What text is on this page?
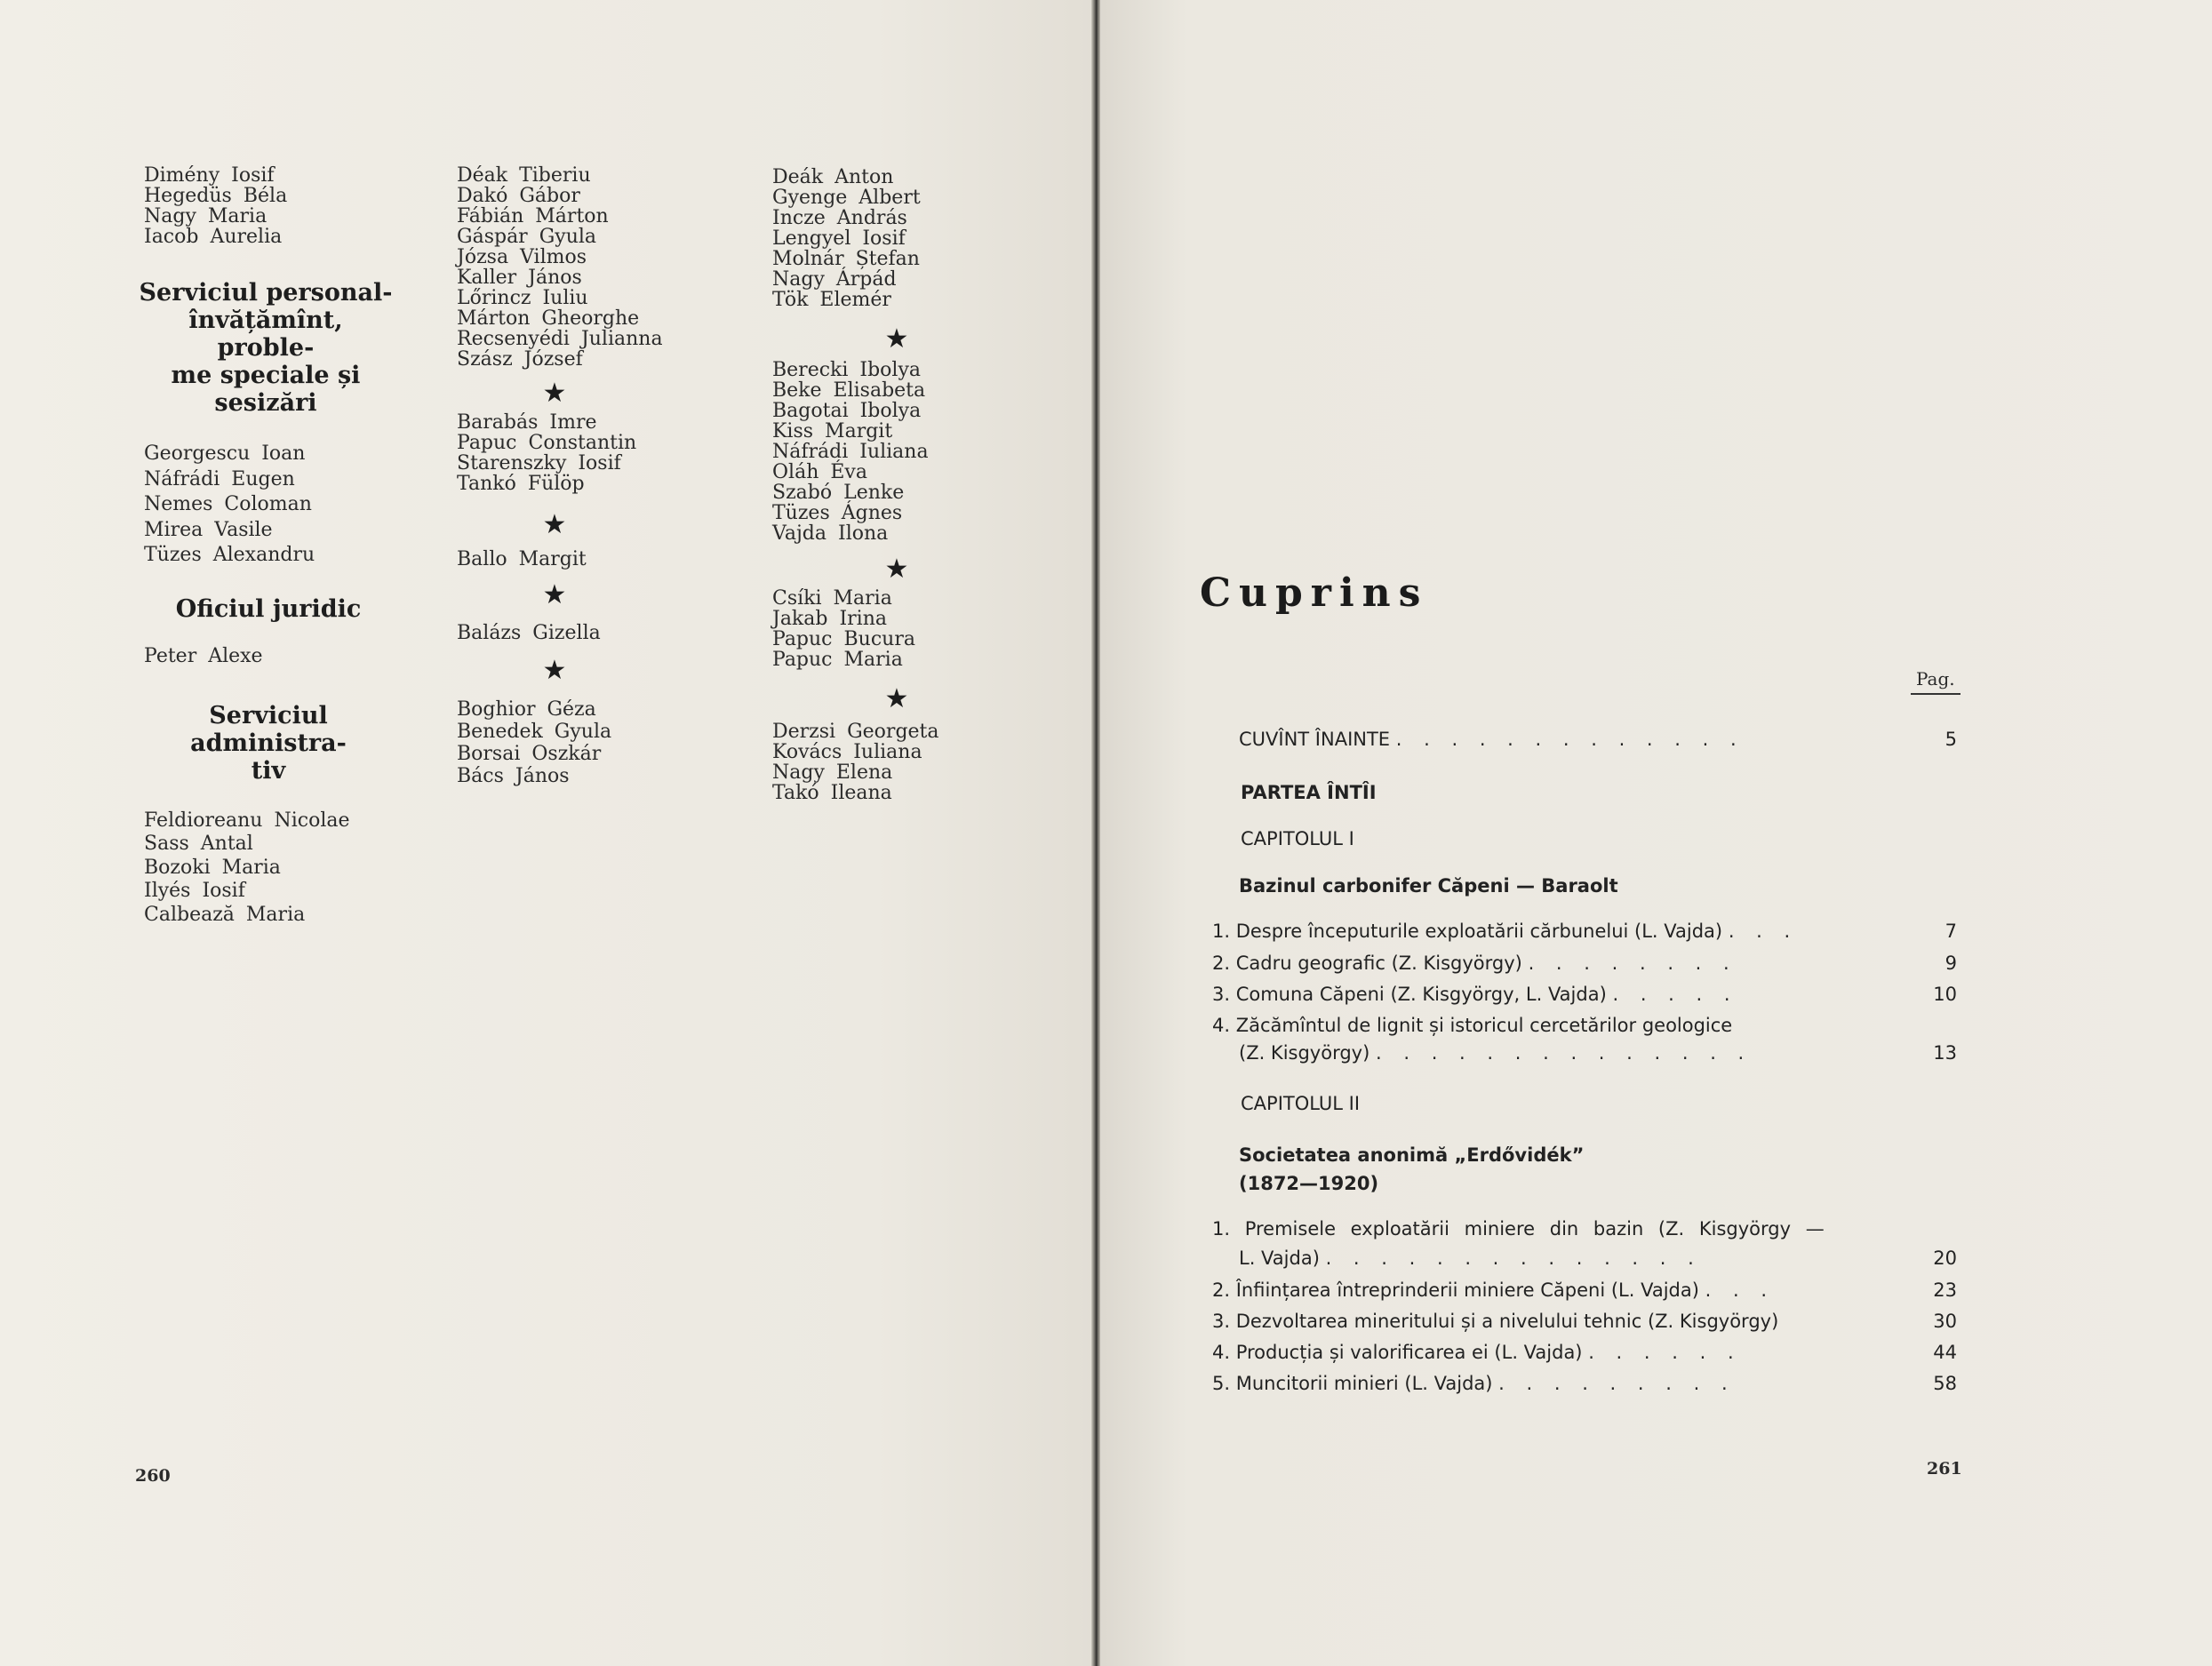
Dimény Iosif
Hegedüs Béla
Nagy Maria
Iacob Aurelia
Serviciul personal-
învățămînt, proble-
me speciale și
sesizări
Georgescu Ioan
Náfrádi Eugen
Nemes Coloman
Mirea Vasile
Tüzes Alexandru
Oficiul juridic
Peter Alexe
Serviciul administra-
tiv
Feldioreanu Nicolae
Sass Antal
Bozoki Maria
Ilyés Iosif
Calbează Maria
Déak Tiberiu
Dakó Gábor
Fábián Márton
Gáspár Gyula
Józsa Vilmos
Kaller János
Lőrincz Iuliu
Márton Gheorghe
Recsenyédi Julianna
Szász József
★
Barabás Imre
Papuc Constantin
Starenszky Iosif
Tankó Fülöp
★
Ballo Margit
★
Balázs Gizella
★
Boghior Géza
Benedek Gyula
Borsai Oszkár
Bács János
Deák Anton
Gyenge Albert
Incze András
Lengyel Iosif
Molnár Ștefan
Nagy Árpád
Tök Elemér
★
Berecki Ibolya
Beke Elisabeta
Bagotai Ibolya
Kiss Margit
Náfrádi Iuliana
Oláh Éva
Szabó Lenke
Tüzes Ágnes
Vajda Ilona
★
Csíki Maria
Jakab Irina
Papuc Bucura
Papuc Maria
★
Derzsi Georgeta
Kovács Iuliana
Nagy Elena
Takó Ileana
260
Cuprins
Pag.
CUVÎNT ÎNAINTE . . . . . . . . . . . . .	5
PARTEA ÎNTÎI
CAPITOLUL I
Bazinul carbonifer Căpeni — Baraolt
1. Despre începuturile exploatării cărbunelui (L. Vajda) . . .	7
2. Cadru geografic (Z. Kisgyörgy) . . . . . . . .	9
3. Comuna Căpeni (Z. Kisgyörgy, L. Vajda) . . . . .	10
4. Zăcămîntul de lignit și istoricul cercetărilor geologice
(Z. Kisgyörgy) . . . . . . . . . . . . . .	13
CAPITOLUL II
Societatea anonimă „Erdővidék”
(1872—1920)
1. Premisele exploatării miniere din bazin (Z. Kisgyörgy —
L. Vajda) . . . . . . . . . . . . . .	20
2. Înființarea întreprinderii miniere Căpeni (L. Vajda) . . .	23
3. Dezvoltarea mineritului și a nivelului tehnic (Z. Kisgyörgy)	30
4. Producția și valorificarea ei (L. Vajda) . . . . . .	44
5. Muncitorii minieri (L. Vajda) . . . . . . . . .	58
261
